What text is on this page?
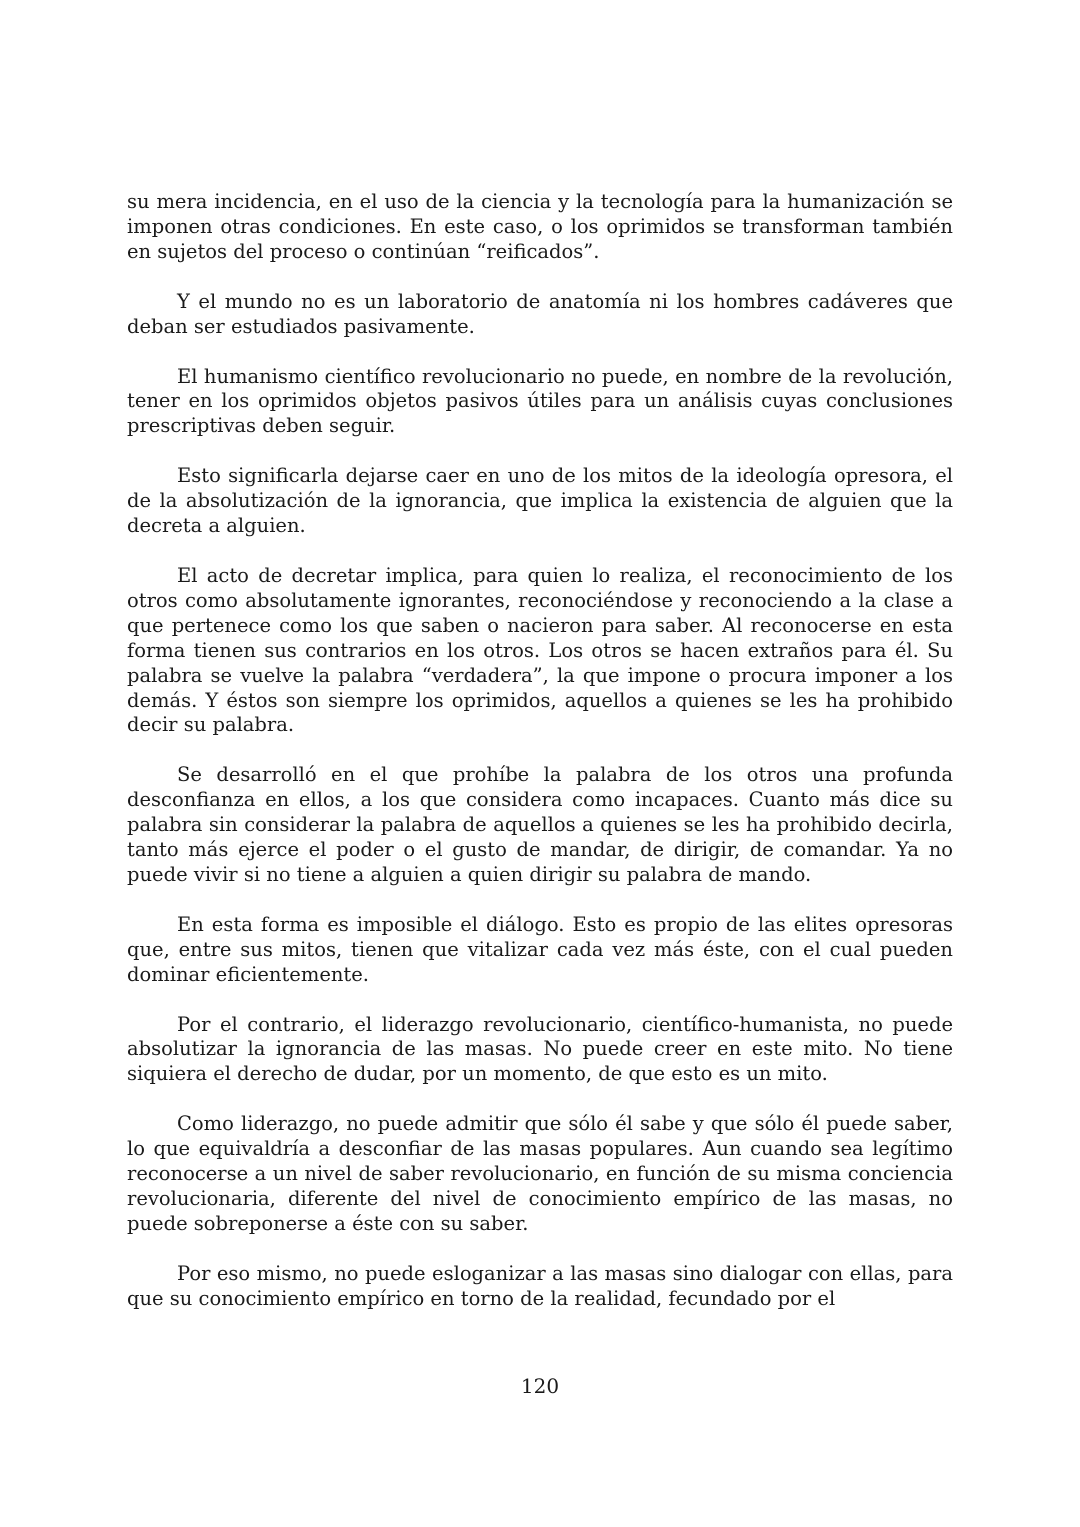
su mera incidencia, en el uso de la ciencia y la tecnología para la humanización se imponen otras condiciones. En este caso, o los oprimidos se transforman también en sujetos del proceso o continúan “reificados”.

Y el mundo no es un laboratorio de anatomía ni los hombres cadáveres que deban ser estudiados pasivamente.

El humanismo científico revolucionario no puede, en nombre de la revolución, tener en los oprimidos objetos pasivos útiles para un análisis cuyas conclusiones prescriptivas deben seguir.

Esto significarla dejarse caer en uno de los mitos de la ideología opresora, el de la absolutización de la ignorancia, que implica la existencia de alguien que la decreta a alguien.

El acto de decretar implica, para quien lo realiza, el reconocimiento de los otros como absolutamente ignorantes, reconociéndose y reconociendo a la clase a que pertenece como los que saben o nacieron para saber. Al reconocerse en esta forma tienen sus contrarios en los otros. Los otros se hacen extraños para él. Su palabra se vuelve la palabra “verdadera”, la que impone o procura imponer a los demás. Y éstos son siempre los oprimidos, aquellos a quienes se les ha prohibido decir su palabra.

Se desarrolló en el que prohíbe la palabra de los otros una profunda desconfianza en ellos, a los que considera como incapaces. Cuanto más dice su palabra sin considerar la palabra de aquellos a quienes se les ha prohibido decirla, tanto más ejerce el poder o el gusto de mandar, de dirigir, de comandar. Ya no puede vivir si no tiene a alguien a quien dirigir su palabra de mando.

En esta forma es imposible el diálogo. Esto es propio de las elites opresoras que, entre sus mitos, tienen que vitalizar cada vez más éste, con el cual pueden dominar eficientemente.

Por el contrario, el liderazgo revolucionario, científico-humanista, no puede absolutizar la ignorancia de las masas. No puede creer en este mito. No tiene siquiera el derecho de dudar, por un momento, de que esto es un mito.

Como liderazgo, no puede admitir que sólo él sabe y que sólo él puede saber, lo que equivaldría a desconfiar de las masas populares. Aun cuando sea legítimo reconocerse a un nivel de saber revolucionario, en función de su misma conciencia revolucionaria, diferente del nivel de conocimiento empírico de las masas, no puede sobreponerse a éste con su saber.

Por eso mismo, no puede esloganizar a las masas sino dialogar con ellas, para que su conocimiento empírico en torno de la realidad, fecundado por el

120
